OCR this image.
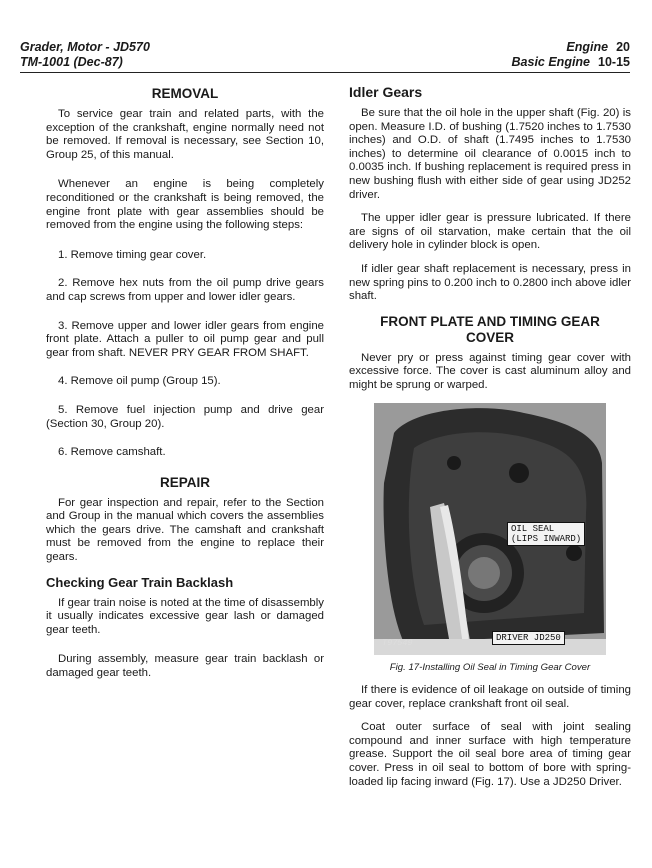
Grader, Motor - JD570
TM-1001 (Dec-87)
Engine 20
Basic Engine 10-15
REMOVAL

To service gear train and related parts, with the exception of the crankshaft, engine normally need not be removed. If removal is necessary, see Section 10, Group 25, of this manual.

Whenever an engine is being completely reconditioned or the crankshaft is being removed, the engine front plate with gear assemblies should be removed from the engine using the following steps:

1. Remove timing gear cover.

2. Remove hex nuts from the oil pump drive gears and cap screws from upper and lower idler gears.

3. Remove upper and lower idler gears from engine front plate. Attach a puller to oil pump gear and pull gear from shaft. NEVER PRY GEAR FROM SHAFT.

4. Remove oil pump (Group 15).

5. Remove fuel injection pump and drive gear (Section 30, Group 20).

6. Remove camshaft.

REPAIR

For gear inspection and repair, refer to the Section and Group in the manual which covers the assemblies which the gears drive. The camshaft and crankshaft must be removed from the engine to replace their gears.

Checking Gear Train Backlash

If gear train noise is noted at the time of disassembly it usually indicates excessive gear lash or damaged gear teeth.

During assembly, measure gear train backlash or damaged gear teeth.

Idler Gears

Be sure that the oil hole in the upper shaft (Fig. 20) is open. Measure I.D. of bushing (1.7520 inches to 1.7530 inches) and O.D. of shaft (1.7495 inches to 1.7530 inches) to determine oil clearance of 0.0015 inch to 0.0035 inch. If bushing replacement is required press in new bushing flush with either side of gear using JD252 driver.

The upper idler gear is pressure lubricated. If there are signs of oil starvation, make certain that the oil delivery hole in cylinder block is open.

If idler gear shaft replacement is necessary, press in new spring pins to 0.200 inch to 0.2800 inch above idler shaft.

FRONT PLATE AND TIMING GEAR
COVER

Never pry or press against timing gear cover with excessive force. The cover is cast aluminum alloy and might be sprung or warped.

OIL SEAL
(LIPS INWARD)
DRIVER JD250
T97549
Fig. 17-Installing Oil Seal in Timing Gear Cover

If there is evidence of oil leakage on outside of timing gear cover, replace crankshaft front oil seal.

Coat outer surface of seal with joint sealing compound and inner surface with high temperature grease. Support the oil seal bore area of timing gear cover. Press in oil seal to bottom of bore with spring-loaded lip facing inward (Fig. 17). Use a JD250 Driver.
